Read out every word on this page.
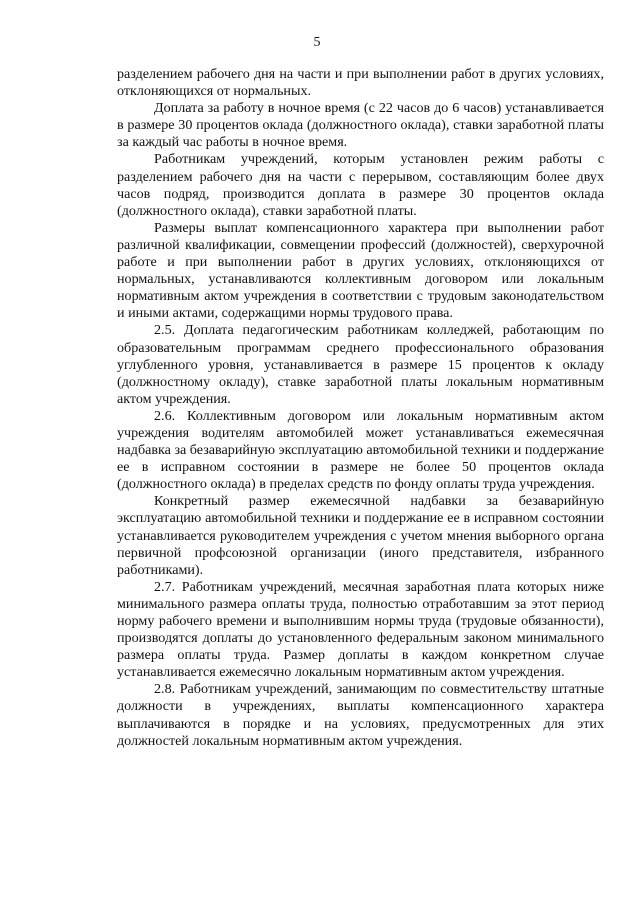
5

разделением рабочего дня на части и при выполнении работ в других условиях, отклоняющихся от нормальных.

Доплата за работу в ночное время (с 22 часов до 6 часов) устанавливается в размере 30 процентов оклада (должностного оклада), ставки заработной платы за каждый час работы в ночное время.

Работникам учреждений, которым установлен режим работы с разделением рабочего дня на части с перерывом, составляющим более двух часов подряд, производится доплата в размере 30 процентов оклада (должностного оклада), ставки заработной платы.

Размеры выплат компенсационного характера при выполнении работ различной квалификации, совмещении профессий (должностей), сверхурочной работе и при выполнении работ в других условиях, отклоняющихся от нормальных, устанавливаются коллективным договором или локальным нормативным актом учреждения в соответствии с трудовым законодательством и иными актами, содержащими нормы трудового права.

2.5. Доплата педагогическим работникам колледжей, работающим по образовательным программам среднего профессионального образования углубленного уровня, устанавливается в размере 15 процентов к окладу (должностному окладу), ставке заработной платы локальным нормативным актом учреждения.

2.6. Коллективным договором или локальным нормативным актом учреждения водителям автомобилей может устанавливаться ежемесячная надбавка за безаварийную эксплуатацию автомобильной техники и поддержание ее в исправном состоянии в размере не более 50 процентов оклада (должностного оклада) в пределах средств по фонду оплаты труда учреждения.

Конкретный размер ежемесячной надбавки за безаварийную эксплуатацию автомобильной техники и поддержание ее в исправном состоянии устанавливается руководителем учреждения с учетом мнения выборного органа первичной профсоюзной организации (иного представителя, избранного работниками).

2.7. Работникам учреждений, месячная заработная плата которых ниже минимального размера оплаты труда, полностью отработавшим за этот период норму рабочего времени и выполнившим нормы труда (трудовые обязанности), производятся доплаты до установленного федеральным законом минимального размера оплаты труда. Размер доплаты в каждом конкретном случае устанавливается ежемесячно локальным нормативным актом учреждения.

2.8. Работникам учреждений, занимающим по совместительству штатные должности в учреждениях, выплаты компенсационного характера выплачиваются в порядке и на условиях, предусмотренных для этих должностей локальным нормативным актом учреждения.
